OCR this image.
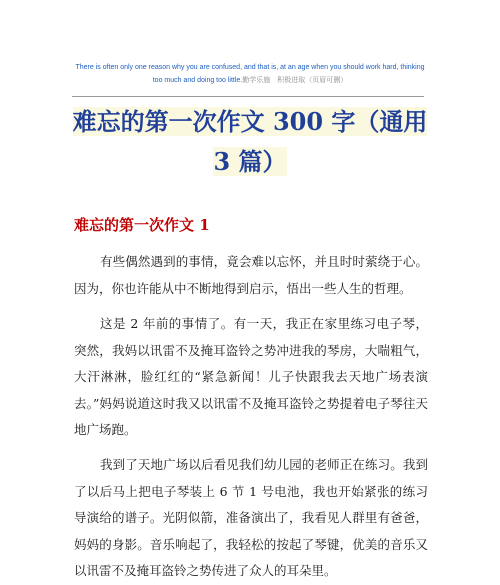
There is often only one reason why you are confused, and that is, at an age when you should work hard, thinking
too much and doing too little.勤学乐施　积极进取（页眉可删）
难忘的第一次作文 300 字（通用 3 篇）
难忘的第一次作文 1
有些偶然遇到的事情，竟会难以忘怀，并且时时萦绕于心。因为，你也许能从中不断地得到启示，悟出一些人生的哲理。
这是 2 年前的事情了。有一天，我正在家里练习电子琴，突然，我妈以讯雷不及掩耳盗铃之势冲进我的琴房，大喘粗气，大汗淋淋，脸红红的“紧急新闻！儿子快跟我去天地广场表演去。”妈妈说道这时我又以讯雷不及掩耳盗铃之势提着电子琴往天地广场跑。
我到了天地广场以后看见我们幼儿园的老师正在练习。我到了以后马上把电子琴装上 6 节 1 号电池，我也开始紧张的练习导演给的谱子。光阴似箭，准备演出了，我看见人群里有爸爸，妈妈的身影。音乐响起了，我轻松的按起了琴键，优美的音乐又以讯雷不及掩耳盗铃之势传进了众人的耳朵里。
